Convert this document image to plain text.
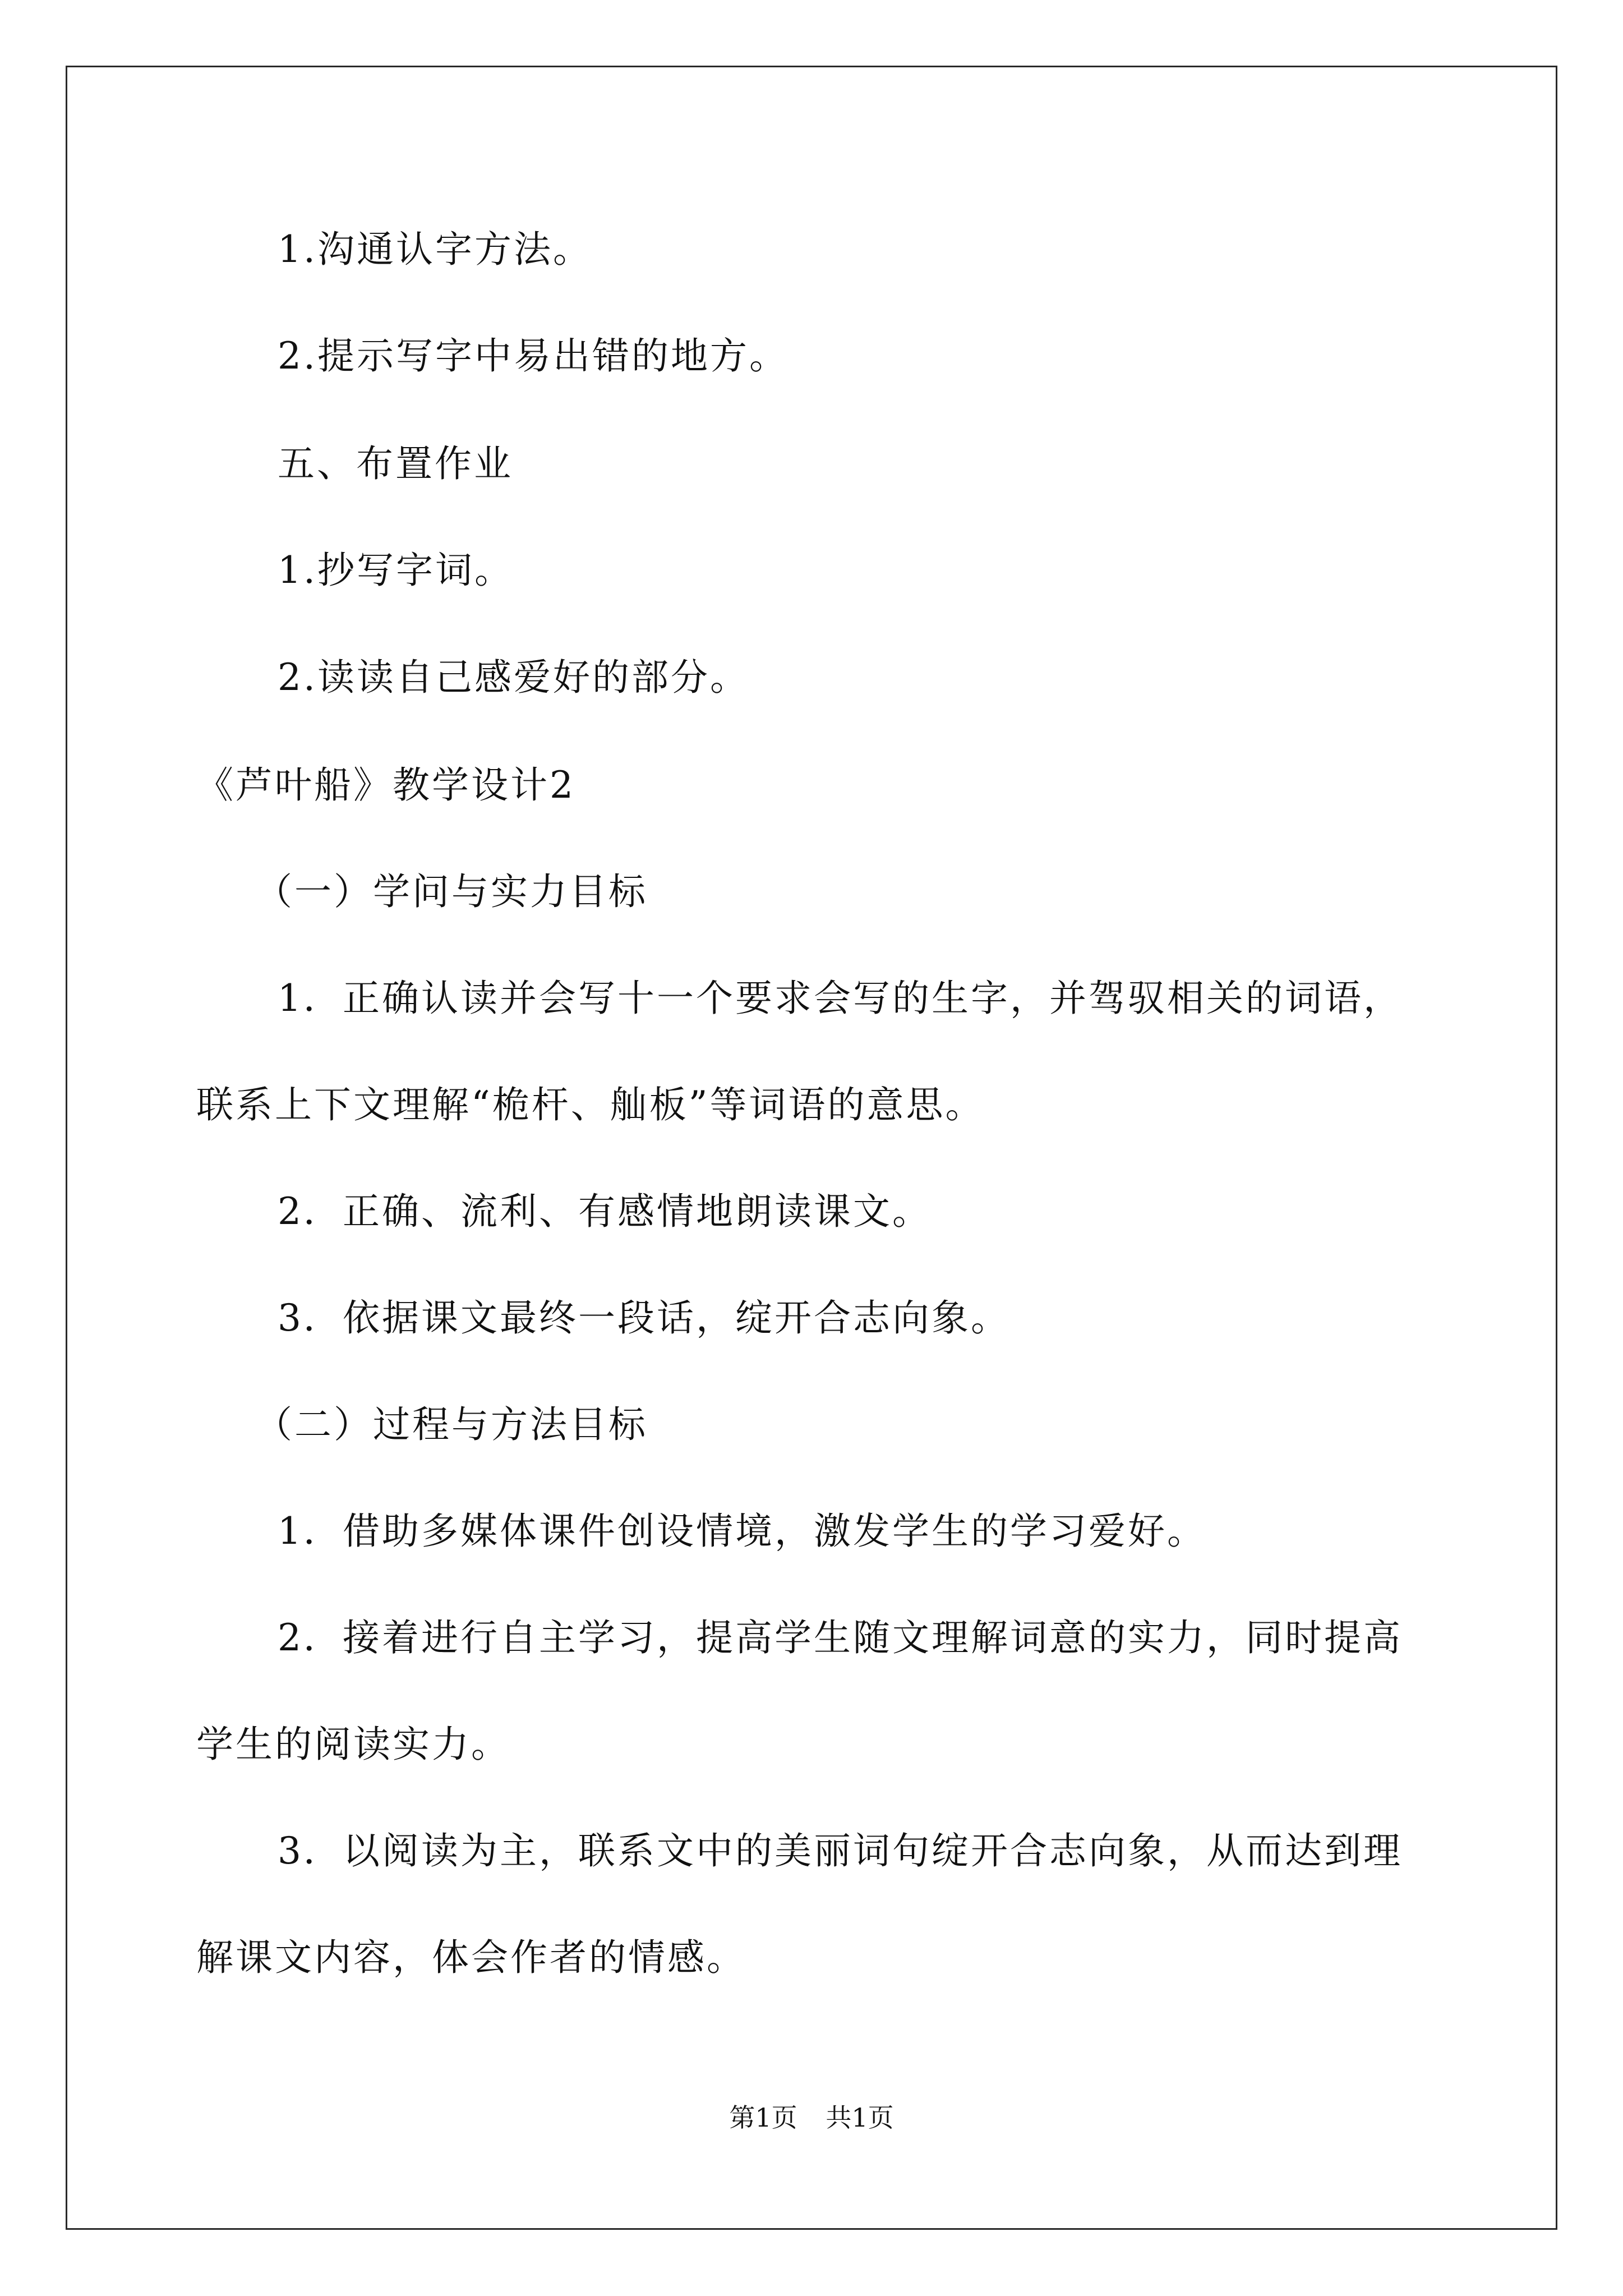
1.沟通认字方法。
2.提示写字中易出错的地方。
五、布置作业
1.抄写字词。
2.读读自己感爱好的部分。
《芦叶船》教学设计2
（一）学问与实力目标
1．正确认读并会写十一个要求会写的生字，并驾驭相关的词语，
联系上下文理解“桅杆、舢板”等词语的意思。
2．正确、流利、有感情地朗读课文。
3．依据课文最终一段话，绽开合志向象。
（二）过程与方法目标
1．借助多媒体课件创设情境，激发学生的学习爱好。
2．接着进行自主学习，提高学生随文理解词意的实力，同时提高
学生的阅读实力。
3．以阅读为主，联系文中的美丽词句绽开合志向象，从而达到理
解课文内容，体会作者的情感。
第1页 共1页
